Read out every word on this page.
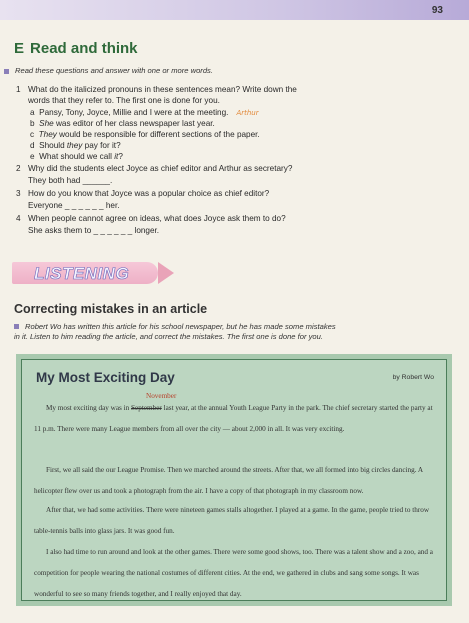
93
E Read and think
Read these questions and answer with one or more words.
1 What do the italicized pronouns in these sentences mean? Write down the
words that they refer to. The first one is done for you.
a Pansy, Tony, Joyce, Millie and I were at the meeting. Arthur
b She was editor of her class newspaper last year.
c They would be responsible for different sections of the paper.
d Should they pay for it?
e What should we call it?
2 Why did the students elect Joyce as chief editor and Arthur as secretary?
They both had ______.
3 How do you know that Joyce was a popular choice as chief editor?
Everyone _ _ _ _ _ _ her.
4 When people cannot agree on ideas, what does Joyce ask them to do?
She asks them to _ _ _ _ _ _ longer.
LISTENING
Correcting mistakes in an article
Robert Wo has written this article for his school newspaper, but he has made some mistakes
in it. Listen to him reading the article, and correct the mistakes. The first one is done for you.
My Most Exciting Day	by Robert Wo
November
My most exciting day was in September last year, at the annual Youth League Party in the park. The chief secretary started the party at 11 p.m. There were many League members from all over the city — about 2,000 in all. It was very exciting.
First, we all said the our League Promise. Then we marched around the streets. After that, we all formed into big circles dancing. A helicopter flew over us and took a photograph from the air. I have a copy of that photograph in my classroom now.
After that, we had some activities. There were nineteen games stalls altogether. I played at a game. In the game, people tried to throw table-tennis balls into glass jars. It was good fun.
I also had time to run around and look at the other games. There were some good shows, too. There was a talent show and a zoo, and a competition for people wearing the national costumes of different cities. At the end, we gathered in clubs and sang some songs. It was wonderful to see so many friends together, and I really enjoyed that day.
